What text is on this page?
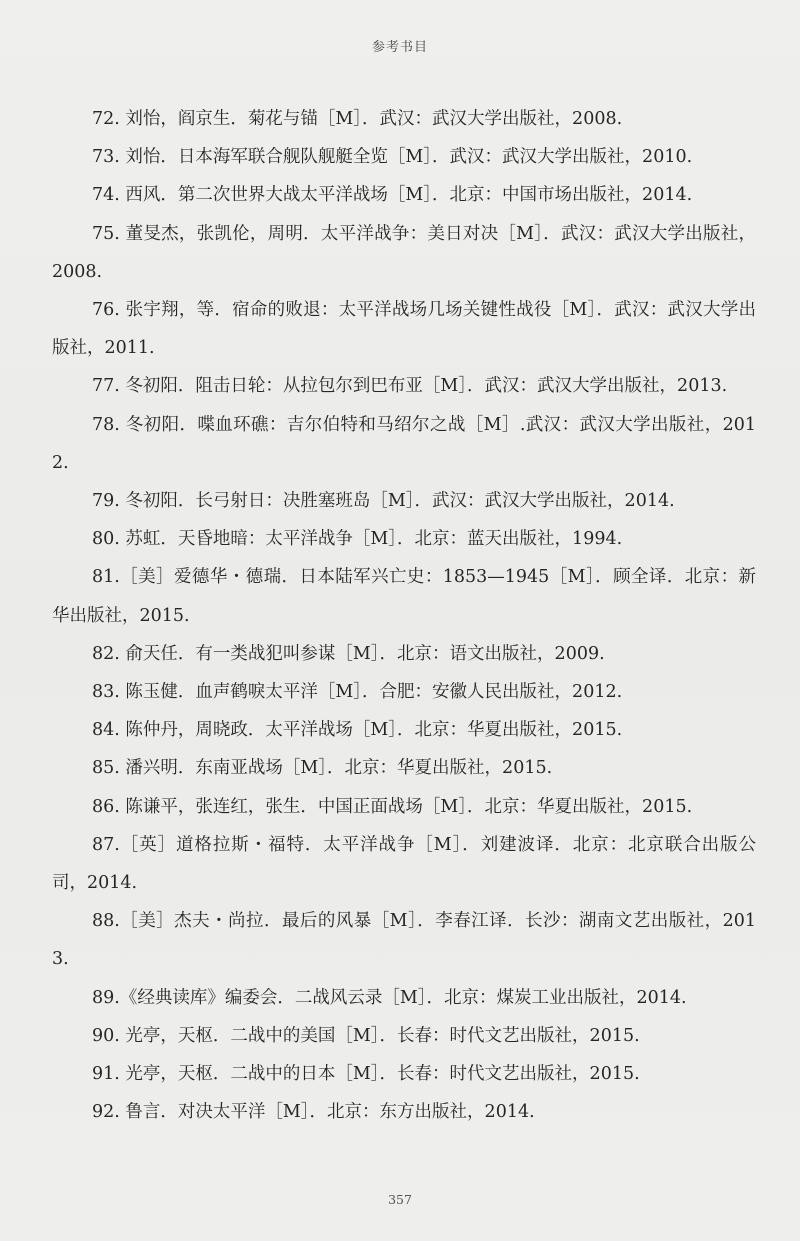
参考书目

72. 刘怡，阎京生．菊花与锚［M］．武汉：武汉大学出版社，2008.

73. 刘怡．日本海军联合舰队舰艇全览［M］．武汉：武汉大学出版社，2010.

74. 西风．第二次世界大战太平洋战场［M］．北京：中国市场出版社，2014.

75. 董旻杰，张凯伦，周明．太平洋战争：美日对决［M］．武汉：武汉大学出版社，2008.

76. 张宇翔，等．宿命的败退：太平洋战场几场关键性战役［M］．武汉：武汉大学出版社，2011.

77. 冬初阳．阻击日轮：从拉包尔到巴布亚［M］．武汉：武汉大学出版社，2013.

78. 冬初阳．喋血环礁：吉尔伯特和马绍尔之战［M］.武汉：武汉大学出版社，2012.

79. 冬初阳．长弓射日：决胜塞班岛［M］．武汉：武汉大学出版社，2014.

80. 苏虹．天昏地暗：太平洋战争［M］．北京：蓝天出版社，1994.

81.［美］爱德华・德瑞．日本陆军兴亡史：1853—1945［M］．顾全译．北京：新华出版社，2015.

82. 俞天任．有一类战犯叫参谋［M］．北京：语文出版社，2009.

83. 陈玉健．血声鹤唳太平洋［M］．合肥：安徽人民出版社，2012.

84. 陈仲丹，周晓政．太平洋战场［M］．北京：华夏出版社，2015.

85. 潘兴明．东南亚战场［M］．北京：华夏出版社，2015.

86. 陈谦平，张连红，张生．中国正面战场［M］．北京：华夏出版社，2015.

87.［英］道格拉斯・福特．太平洋战争［M］．刘建波译．北京：北京联合出版公司，2014.

88.［美］杰夫・尚拉．最后的风暴［M］．李春江译．长沙：湖南文艺出版社，2013.

89.《经典读库》编委会．二战风云录［M］．北京：煤炭工业出版社，2014.

90. 光亭，天枢．二战中的美国［M］．长春：时代文艺出版社，2015.

91. 光亭，天枢．二战中的日本［M］．长春：时代文艺出版社，2015.

92. 鲁言．对决太平洋［M］．北京：东方出版社，2014.

357
